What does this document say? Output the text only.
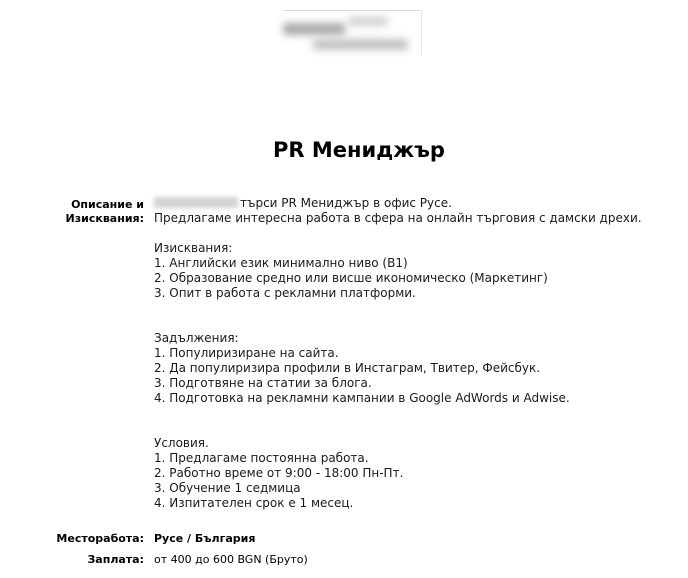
PR Мениджър
Описание и
Изисквания:
търси PR Мениджър в офис Русе.
Предлагаме интересна работа в сфера на онлайн търговия с дамски дрехи.
Изисквания:
1. Английски език минимално ниво (B1)
2. Образование средно или висше икономическо (Маркетинг)
3. Опит в работа с рекламни платформи.
Задължения:
1. Популиризиране на сайта.
2. Да популиризира профили в Инстаграм, Твитер, Фейсбук.
3. Подготвяне на статии за блога.
4. Подготовка на рекламни кампании в Google AdWords и Adwise.
Условия.
1. Предлагаме постоянна работа.
2. Работно време от 9:00 - 18:00 Пн-Пт.
3. Обучение 1 седмица
4. Изпитателен срок е 1 месец.
Месторабота: Русе / България
Заплата: от 400 до 600 BGN (Бруто)
